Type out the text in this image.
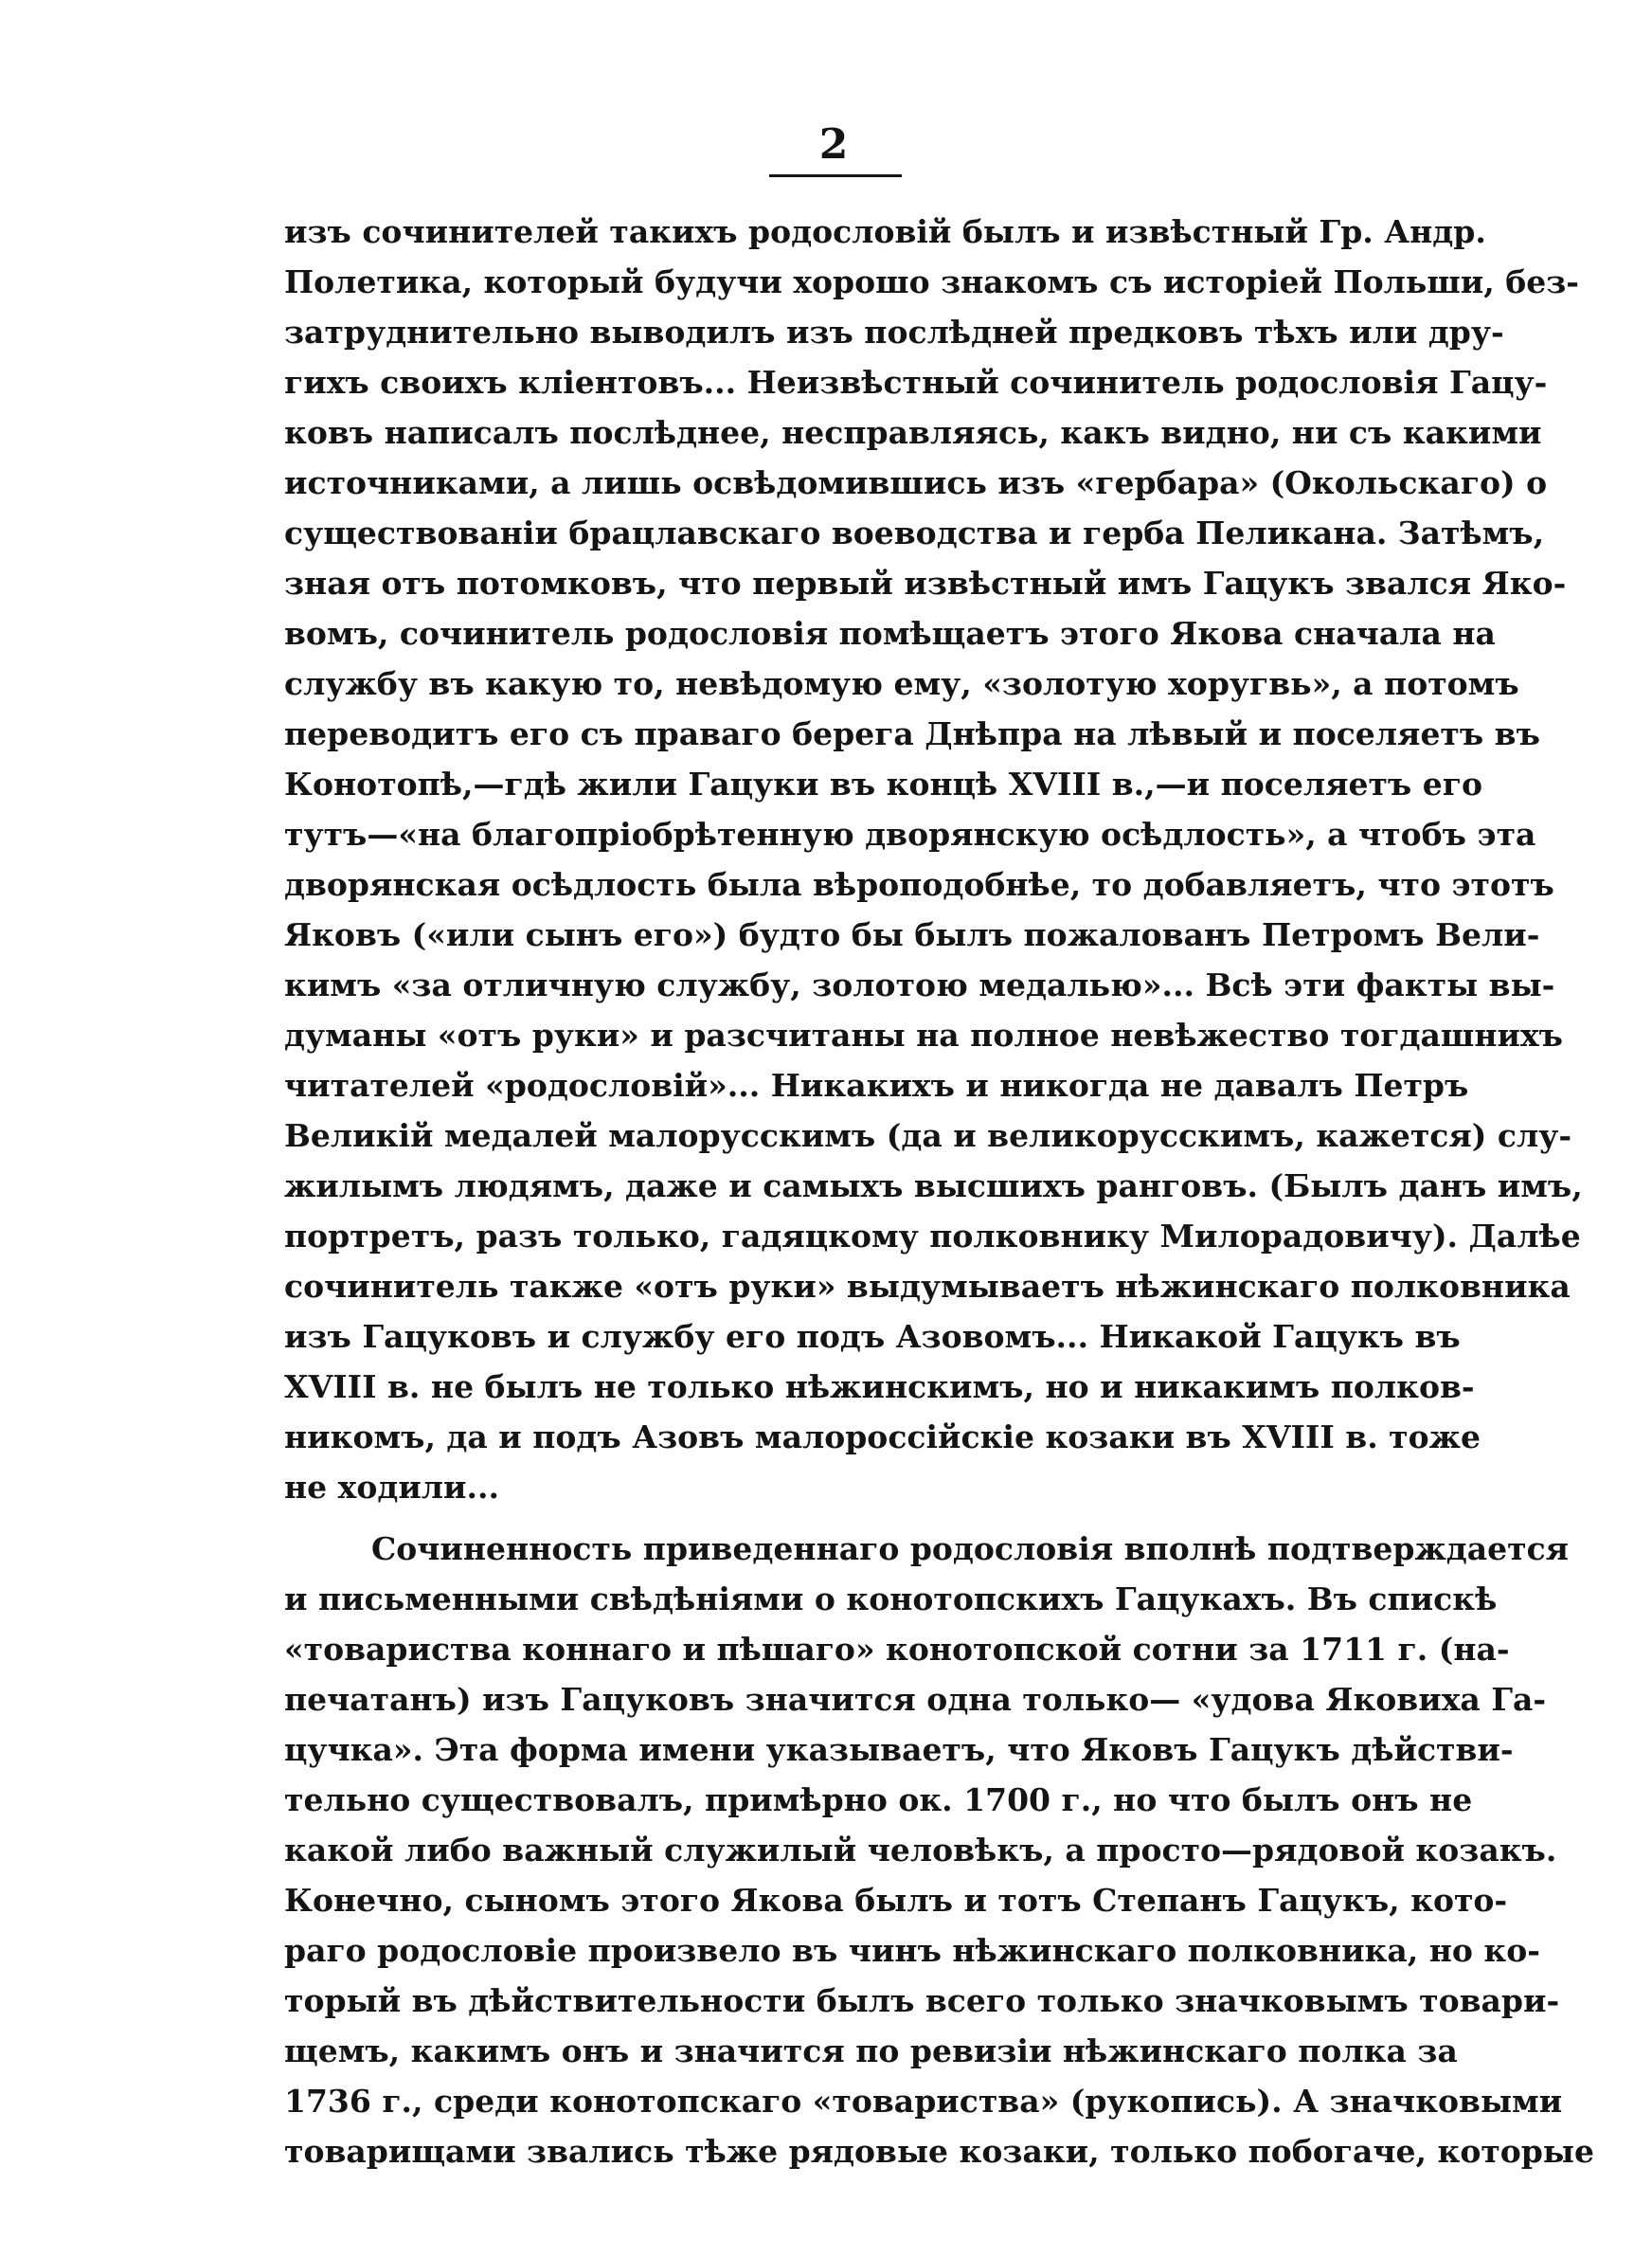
2
изъ сочинителей такихъ родословій былъ и извѣстный Гр. Андр.
Полетика, который будучи хорошо знакомъ съ исторіей Польши, без-
затруднительно выводилъ изъ послѣдней предковъ тѣхъ или дру-
гихъ своихъ кліентовъ... Неизвѣстный сочинитель родословія Гацу-
ковъ написалъ послѣднее, несправляясь, какъ видно, ни съ какими
источниками, а лишь освѣдомившись изъ «гербара» (Окольскаго) о
существованіи брацлавскаго воеводства и герба Пеликана. Затѣмъ,
зная отъ потомковъ, что первый извѣстный имъ Гацукъ звался Яко-
вомъ, сочинитель родословія помѣщаетъ этого Якова сначала на
службу въ какую то, невѣдомую ему, «золотую хоругвь», а потомъ
переводитъ его съ праваго берега Днѣпра на лѣвый и поселяетъ въ
Конотопѣ,—гдѣ жили Гацуки въ концѣ XVIII в.,—и поселяетъ его
тутъ—«на благопріобрѣтенную дворянскую осѣдлость», а чтобъ эта
дворянская осѣдлость была вѣроподобнѣе, то добавляетъ, что этотъ
Яковъ («или сынъ его») будто бы былъ пожалованъ Петромъ Вели-
кимъ «за отличную службу, золотою медалью»... Всѣ эти факты вы-
думаны «отъ руки» и разсчитаны на полное невѣжество тогдашнихъ
читателей «родословій»... Никакихъ и никогда не давалъ Петръ
Великій медалей малорусскимъ (да и великорусскимъ, кажется) слу-
жилымъ людямъ, даже и самыхъ высшихъ ранговъ. (Былъ данъ имъ,
портретъ, разъ только, гадяцкому полковнику Милорадовичу). Далѣе
сочинитель также «отъ руки» выдумываетъ нѣжинскаго полковника
изъ Гацуковъ и службу его подъ Азовомъ... Никакой Гацукъ въ
XVIII в. не былъ не только нѣжинскимъ, но и никакимъ полков-
никомъ, да и подъ Азовъ малороссійскіе козаки въ XVIII в. тоже
не ходили...
Сочиненность приведеннаго родословія вполнѣ подтверждается
и письменными свѣдѣніями о конотопскихъ Гацукахъ. Въ спискѣ
«товариства коннаго и пѣшаго» конотопской сотни за 1711 г. (на-
печатанъ) изъ Гацуковъ значится одна только— «удова Яковиха Га-
цучка». Эта форма имени указываетъ, что Яковъ Гацукъ дѣйстви-
тельно существовалъ, примѣрно ок. 1700 г., но что былъ онъ не
какой либо важный служилый человѣкъ, а просто—рядовой козакъ.
Конечно, сыномъ этого Якова былъ и тотъ Степанъ Гацукъ, кото-
раго родословіе произвело въ чинъ нѣжинскаго полковника, но ко-
торый въ дѣйствительности былъ всего только значковымъ товари-
щемъ, какимъ онъ и значится по ревизіи нѣжинскаго полка за
1736 г., среди конотопскаго «товариства» (рукопись). А значковыми
товарищами звались тѣже рядовые козаки, только побогаче, которые
